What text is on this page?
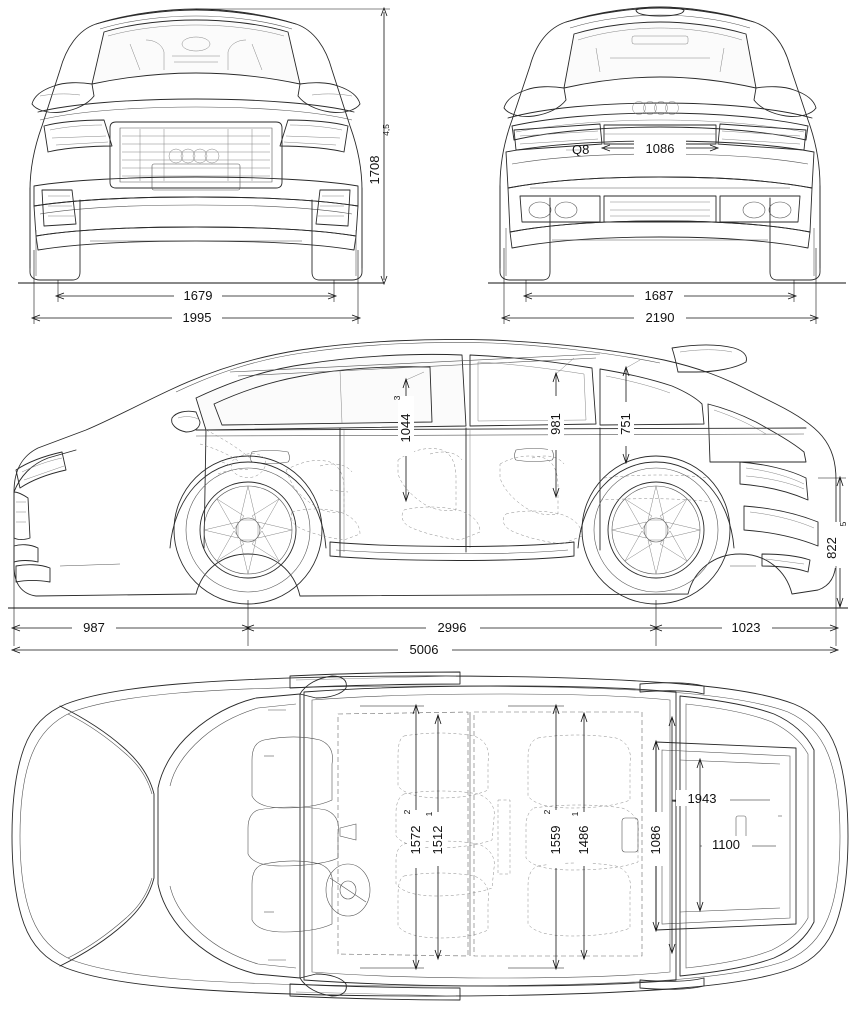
1708
4,5
1679
1995
Q8	1086
1687
2190
1044
3
981	751
822
5
987	2996	1023
5006
1572
2
1512
1
1559
2
1486
1
1086
1943
1100
